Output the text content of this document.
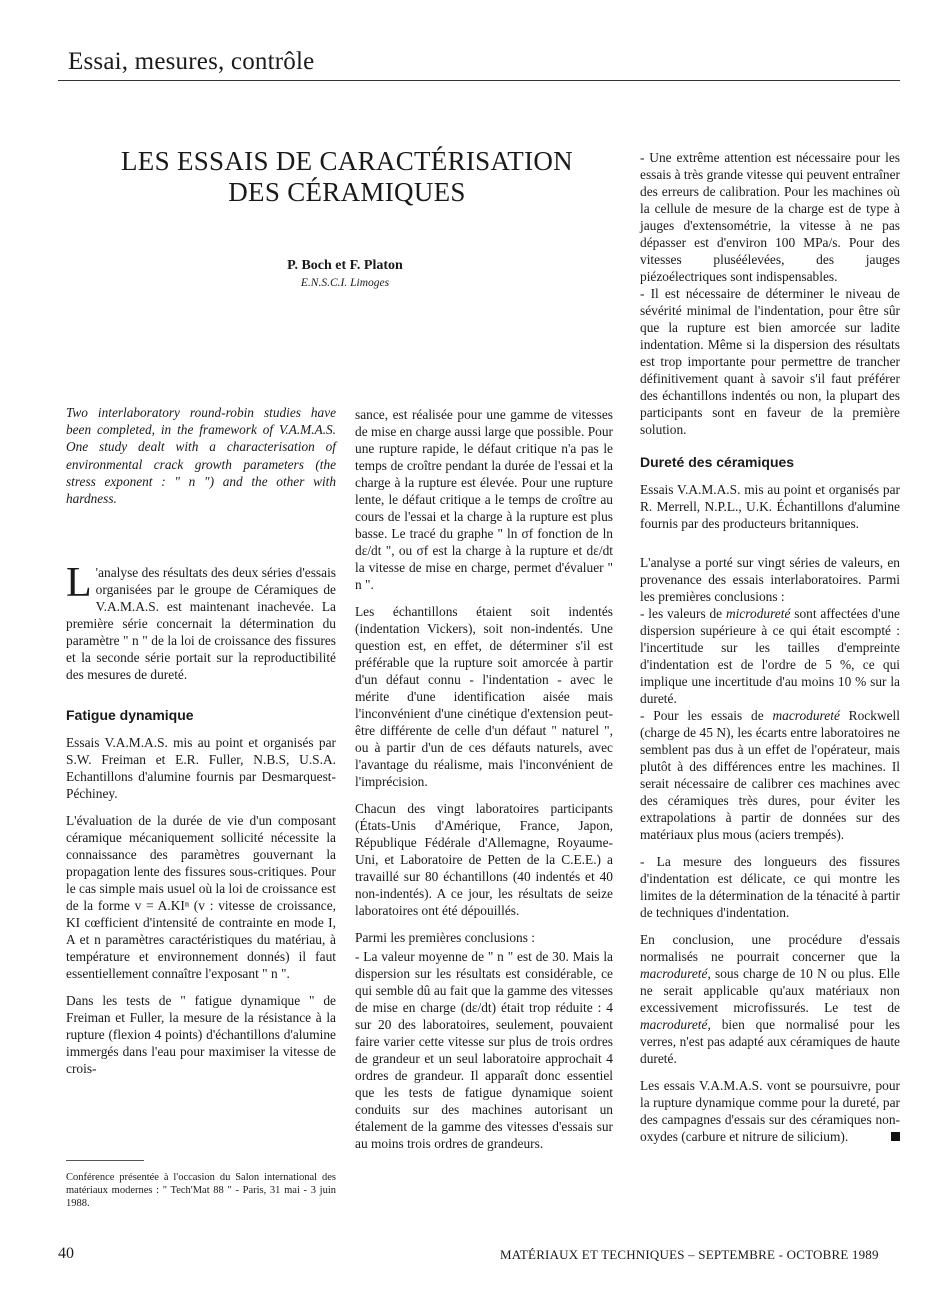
Essai, mesures, contrôle
LES ESSAIS DE CARACTÉRISATION
DES CÉRAMIQUES
P. Boch et F. Platon
E.N.S.C.I. Limoges
Two interlaboratory round-robin studies have been completed, in the framework of V.A.M.A.S. One study dealt with a characterisation of environmental crack growth parameters (the stress exponent : " n ") and the other with hardness.

L 'analyse des résultats des deux séries d'essais organisées par le groupe de Céramiques de V.A.M.A.S. est maintenant inachevée. La première série concernait la détermination du paramètre " n " de la loi de croissance des fissures et la seconde série portait sur la reproductibilité des mesures de dureté.

Fatigue dynamique

Essais V.A.M.A.S. mis au point et organisés par S.W. Freiman et E.R. Fuller, N.B.S, U.S.A. Echantillons d'alumine fournis par Desmarquest-Péchiney.

L'évaluation de la durée de vie d'un composant céramique mécaniquement sollicité nécessite la connaissance des paramètres gouvernant la propagation lente des fissures sous-critiques. Pour le cas simple mais usuel où la loi de croissance est de la forme v = A.KIⁿ (v : vitesse de croissance, KI cœfficient d'intensité de contrainte en mode I, A et n paramètres caractéristiques du matériau, à température et environnement donnés) il faut essentiellement connaître l'exposant " n ".

Dans les tests de " fatigue dynamique " de Freiman et Fuller, la mesure de la résistance à la rupture (flexion 4 points) d'échantillons d'alumine immergés dans l'eau pour maximiser la vitesse de crois-

Conférence présentée à l'occasion du Salon international des matériaux modernes : " Tech'Mat 88 " - Paris, 31 mai - 3 juin 1988.

sance, est réalisée pour une gamme de vitesses de mise en charge aussi large que possible. Pour une rupture rapide, le défaut critique n'a pas le temps de croître pendant la durée de l'essai et la charge à la rupture est élevée. Pour une rupture lente, le défaut critique a le temps de croître au cours de l'essai et la charge à la rupture est plus basse. Le tracé du graphe " ln σf fonction de ln dε/dt ", ou σf est la charge à la rupture et dε/dt la vitesse de mise en charge, permet d'évaluer " n ".

Les échantillons étaient soit indentés (indentation Vickers), soit non-indentés. Une question est, en effet, de déterminer s'il est préférable que la rupture soit amorcée à partir d'un défaut connu - l'indentation - avec le mérite d'une identification aisée mais l'inconvénient d'une cinétique d'extension peut-être différente de celle d'un défaut " naturel ", ou à partir d'un de ces défauts naturels, avec l'avantage du réalisme, mais l'inconvénient de l'imprécision.

Chacun des vingt laboratoires participants (États-Unis d'Amérique, France, Japon, République Fédérale d'Allemagne, Royaume-Uni, et Laboratoire de Petten de la C.E.E.) a travaillé sur 80 échantillons (40 indentés et 40 non-indentés). A ce jour, les résultats de seize laboratoires ont été dépouillés.

Parmi les premières conclusions :

- La valeur moyenne de " n " est de 30. Mais la dispersion sur les résultats est considérable, ce qui semble dû au fait que la gamme des vitesses de mise en charge (dε/dt) était trop réduite : 4 sur 20 des laboratoires, seulement, pouvaient faire varier cette vitesse sur plus de trois ordres de grandeur et un seul laboratoire approchait 4 ordres de grandeur. Il apparaît donc essentiel que les tests de fatigue dynamique soient conduits sur des machines autorisant un étalement de la gamme des vitesses d'essais sur au moins trois ordres de grandeurs.

- Une extrême attention est nécessaire pour les essais à très grande vitesse qui peuvent entraîner des erreurs de calibration. Pour les machines où la cellule de mesure de la charge est de type à jauges d'extensométrie, la vitesse à ne pas dépasser est d'environ 100 MPa/s. Pour des vitesses pluséélevées, des jauges piézoélectriques sont indispensables.

- Il est nécessaire de déterminer le niveau de sévérité minimal de l'indentation, pour être sûr que la rupture est bien amorcée sur ladite indentation. Même si la dispersion des résultats est trop importante pour permettre de trancher définitivement quant à savoir s'il faut préférer des échantillons indentés ou non, la plupart des participants sont en faveur de la première solution.

Dureté des céramiques

Essais V.A.M.A.S. mis au point et organisés par R. Merrell, N.P.L., U.K. Échantillons d'alumine fournis par des producteurs britanniques.

L'analyse a porté sur vingt séries de valeurs, en provenance des essais interlaboratoires. Parmi les premières conclusions :

- les valeurs de microdureté sont affectées d'une dispersion supérieure à ce qui était escompté : l'incertitude sur les tailles d'empreinte d'indentation est de l'ordre de 5 %, ce qui implique une incertitude d'au moins 10 % sur la dureté.

- Pour les essais de macrodureté Rockwell (charge de 45 N), les écarts entre laboratoires ne semblent pas dus à un effet de l'opérateur, mais plutôt à des différences entre les machines. Il serait nécessaire de calibrer ces machines avec des céramiques très dures, pour éviter les extrapolations à partir de données sur des matériaux plus mous (aciers trempés).

- La mesure des longueurs des fissures d'indentation est délicate, ce qui montre les limites de la détermination de la ténacité à partir de techniques d'indentation.

En conclusion, une procédure d'essais normalisés ne pourrait concerner que la macrodureté, sous charge de 10 N ou plus. Elle ne serait applicable qu'aux matériaux non excessivement microfissurés. Le test de macrodureté, bien que normalisé pour les verres, n'est pas adapté aux céramiques de haute dureté.

Les essais V.A.M.A.S. vont se poursuivre, pour la rupture dynamique comme pour la dureté, par des campagnes d'essais sur des céramiques non-oxydes (carbure et nitrure de silicium).

40	MATÉRIAUX ET TECHNIQUES – SEPTEMBRE - OCTOBRE 1989
